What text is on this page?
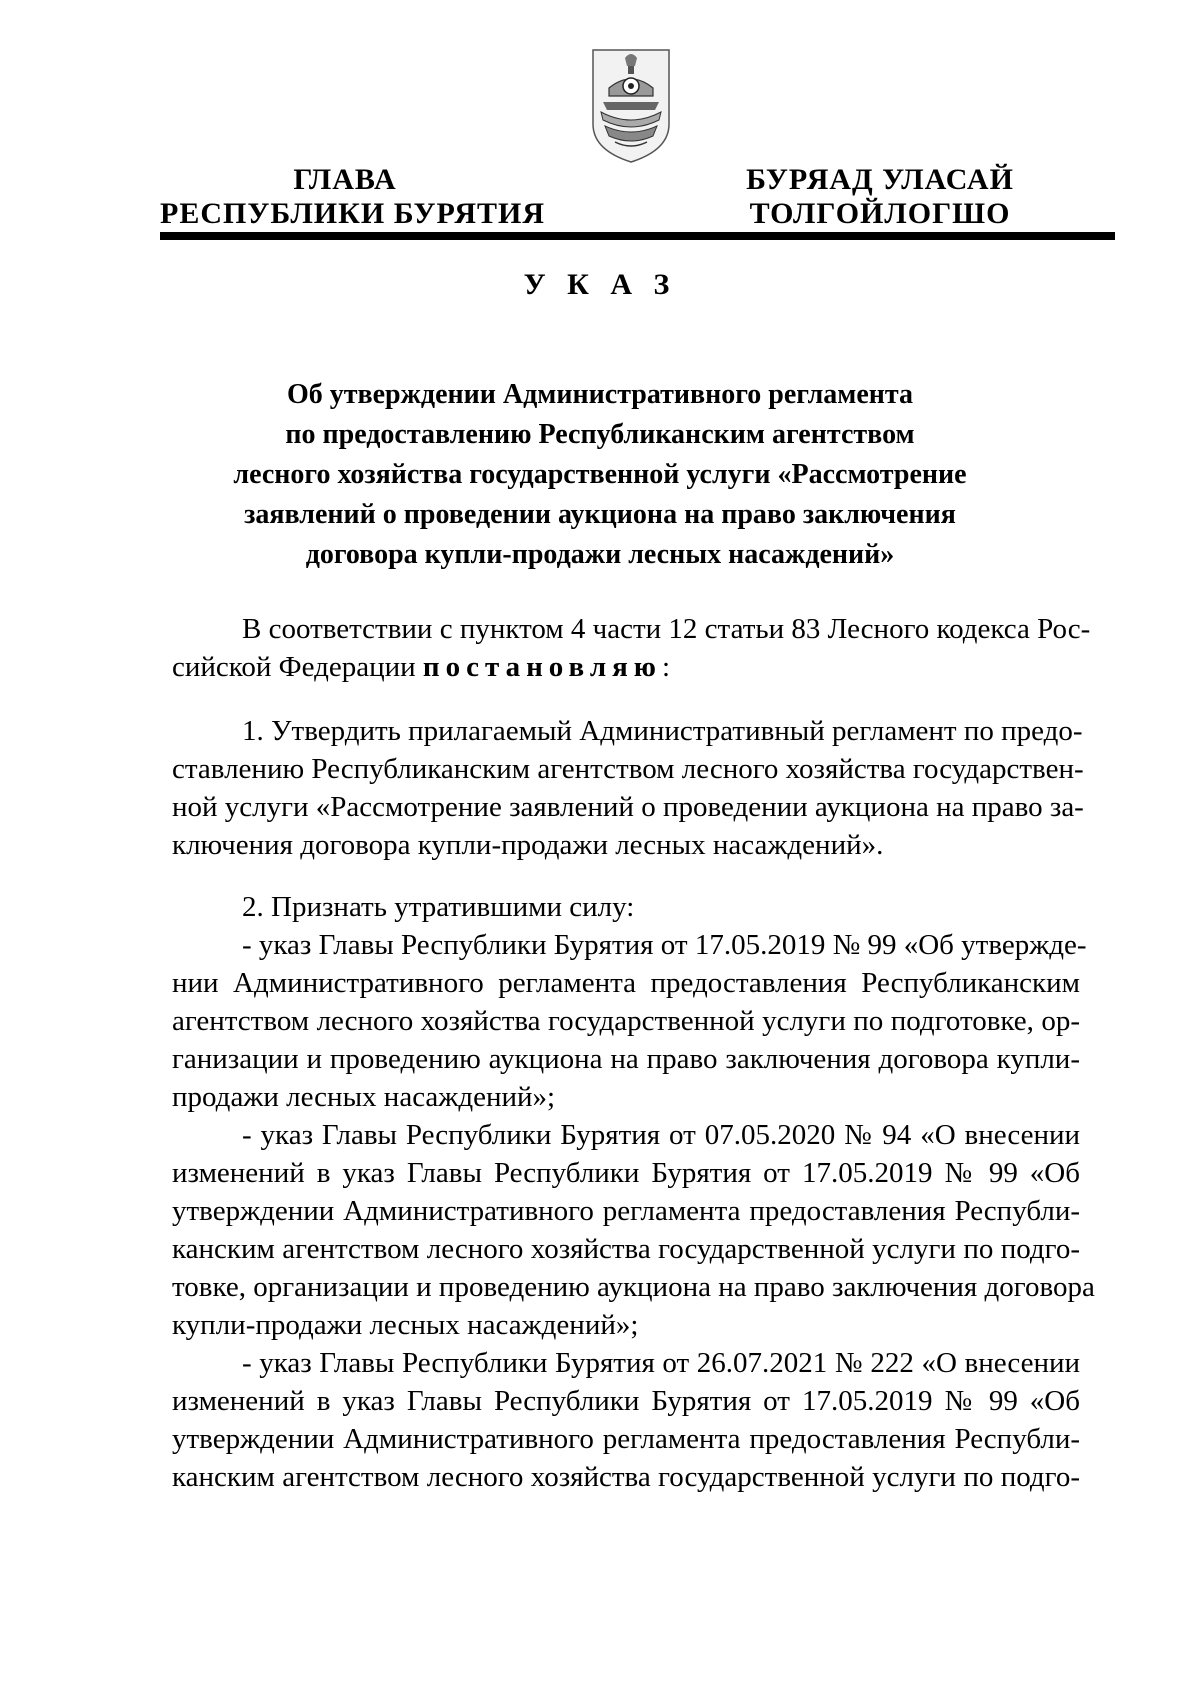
ГЛАВА
РЕСПУБЛИКИ БУРЯТИЯ
БУРЯАД УЛАСАЙ
ТОЛГОЙЛОГШО
У К А З
Об утверждении Административного регламента
по предоставлению Республиканским агентством
лесного хозяйства государственной услуги «Рассмотрение
заявлений о проведении аукциона на право заключения
договора купли-продажи лесных насаждений»
В соответствии с пунктом 4 части 12 статьи 83 Лесного кодекса Рос-
сийской Федерации постановляю:
1. Утвердить прилагаемый Административный регламент по предо-
ставлению Республиканским агентством лесного хозяйства государствен-
ной услуги «Рассмотрение заявлений о проведении аукциона на право за-
ключения договора купли-продажи лесных насаждений».
2. Признать утратившими силу:
- указ Главы Республики Бурятия от 17.05.2019 № 99 «Об утвержде-
нии Административного регламента предоставления Республиканским
агентством лесного хозяйства государственной услуги по подготовке, ор-
ганизации и проведению аукциона на право заключения договора купли-
продажи лесных насаждений»;
- указ Главы Республики Бурятия от 07.05.2020 № 94 «О внесении
изменений в указ Главы Республики Бурятия от 17.05.2019 № 99 «Об
утверждении Административного регламента предоставления Республи-
канским агентством лесного хозяйства государственной услуги по подго-
товке, организации и проведению аукциона на право заключения договора
купли-продажи лесных насаждений»;
- указ Главы Республики Бурятия от 26.07.2021 № 222 «О внесении
изменений в указ Главы Республики Бурятия от 17.05.2019 № 99 «Об
утверждении Административного регламента предоставления Республи-
канским агентством лесного хозяйства государственной услуги по подго-
